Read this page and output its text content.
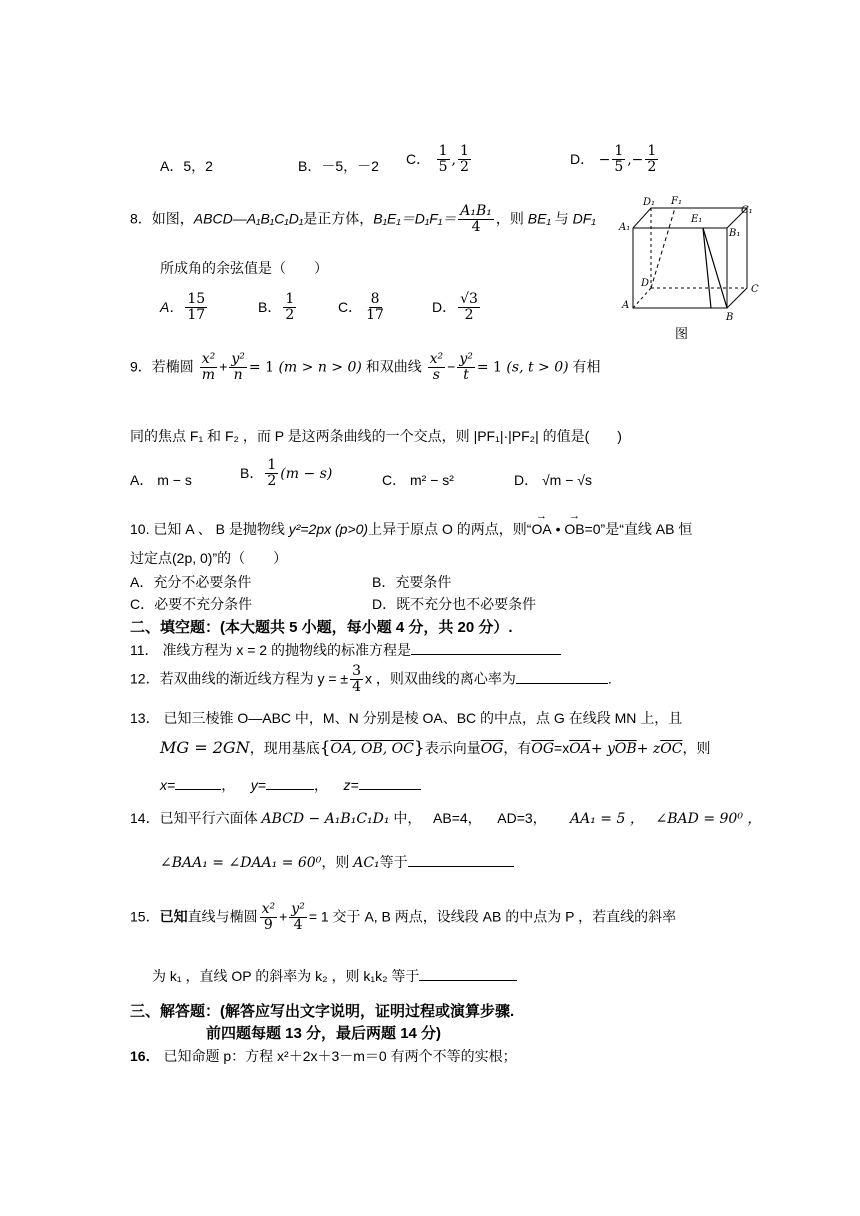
A．5，2	B．－5，－2 C． $\frac{1}{5}$ , $\frac{1}{2}$	D． − $\frac{1}{5}$ ,− $\frac{1}{2}$
8．如图，ABCD—A₁B₁C₁D₁是正方体，$B_1E_1=D_1F_1= \frac{\text{A₁B₁}}{4}$ ，则 BE₁ 与 DF₁
所成角的余弦值是（　　）
A． $\frac{15}{17}$	B． $\frac{1}{2}$	C． $\frac{8}{17}$	D． $\frac{√3}{2}$
D₁ F₁
C₁
A₁
E₁
B₁
D
C
A
B
图
9．若椭圆 $\frac{\text{x²}}{m} + \frac{\text{y²}}{n} = 1$ (m > n > 0) 和双曲线 $\frac{\text{x²}}{s} - \frac{\text{y²}}{t} = 1$ (s, t > 0) 有相
同的焦点 F₁ 和 F₂ ，而 P 是这两条曲线的一个交点，则 |PF₁|·|PF₂| 的值是(　　)
A． m − s	B． $\frac{1}{2} (m - s)$	C． m² − s²	D． √m − √s
10. 已知 A 、 B 是抛物线 y²=2px (p>0)上异于原点 O 的两点，则“→ OA • → OB=0”是“直线 AB 恒
过定点(2p, 0)”的（　　）
A．充分不必要条件	B．充要条件
C．必要不充分条件	D．既不充分也不必要条件
二、填空题：(本大题共 5 小题，每小题 4 分，共 20 分）.
11． 准线方程为 x = 2 的抛物线的标准方程是
12．若双曲线的渐近线方程为 y = ± $\frac{3}{4}$ x ，则双曲线的离心率为	.
13． 已知三棱锥 O—ABC 中，M、N 分别是棱 OA、BC 的中点，点 G 在线段 MN 上，且
MG = 2GN，现用基底{OA, OB, OC}表示向量$\overline{OG}$，有$\overline{OG}=x\overline{OA}+ y\overline{OB}+ z\overline{OC}$，则
x=	，    y=	，    z=
14．已知平行六面体 ABCD − A₁B₁C₁D₁ 中， AB=4， AD=3， AA₁ = 5 ， ∠BAD = 90⁰ ，
∠BAA₁ = ∠DAA₁ = 60⁰，则 AC₁等于
15．已知直线与椭圆 $\frac{\text{x²}}{9} + \frac{\text{y²}}{4} = 1$ 交于 A, B 两点，设线段 AB 的中点为 P ，若直线的斜率
为 k₁ ，直线 OP 的斜率为 k₂ ，则 k₁k₂ 等于
三、解答题：(解答应写出文字说明，证明过程或演算步骤.
前四题每题 13 分，最后两题 14 分)
16． 已知命题 p：方程 x²＋2x＋3－m＝0 有两个不等的实根；
